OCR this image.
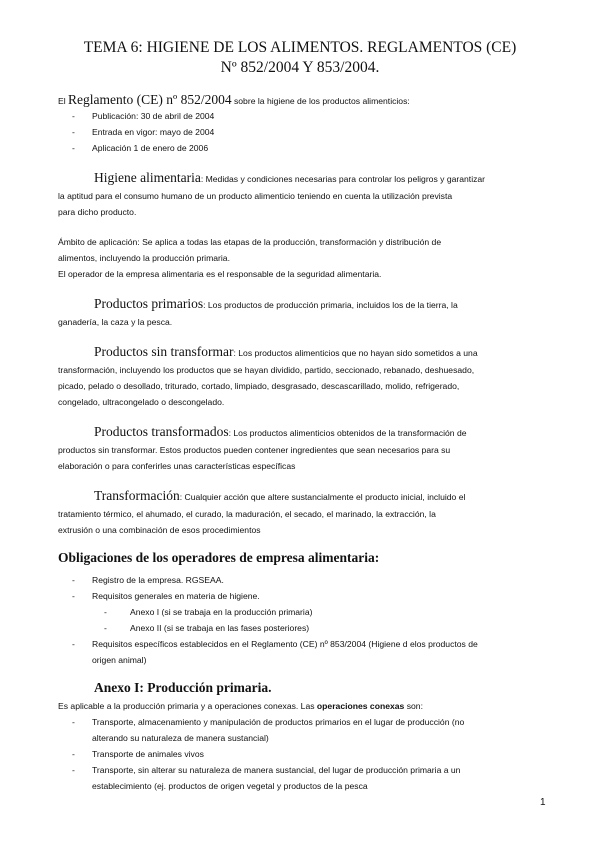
TEMA 6: HIGIENE DE LOS ALIMENTOS. REGLAMENTOS (CE)
Nº 852/2004 Y 853/2004.
El Reglamento (CE) nº 852/2004 sobre la higiene de los productos alimenticios:
- Publicación: 30 de abril de 2004
- Entrada en vigor: mayo de 2004
- Aplicación 1 de enero de 2006
Higiene alimentaria: Medidas y condiciones necesarias para controlar los peligros y garantizar
la aptitud para el consumo humano de un producto alimenticio teniendo en cuenta la utilización prevista
para dicho producto.
Ámbito de aplicación: Se aplica a todas las etapas de la producción, transformación y distribución de
alimentos, incluyendo la producción primaria.
El operador de la empresa alimentaria es el responsable de la seguridad alimentaria.
Productos primarios: Los productos de producción primaria, incluidos los de la tierra, la
ganadería, la caza y la pesca.
Productos sin transformar: Los productos alimenticios que no hayan sido sometidos a una
transformación, incluyendo los productos que se hayan dividido, partido, seccionado, rebanado, deshuesado,
picado, pelado o desollado, triturado, cortado, limpiado, desgrasado, descascarillado, molido, refrigerado,
congelado, ultracongelado o descongelado.
Productos transformados: Los productos alimenticios obtenidos de la transformación de
productos sin transformar. Estos productos pueden contener ingredientes que sean necesarios para su
elaboración o para conferirles unas características específicas
Transformación: Cualquier acción que altere sustancialmente el producto inicial, incluido el
tratamiento térmico, el ahumado, el curado, la maduración, el secado, el marinado, la extracción, la
extrusión o una combinación de esos procedimientos
Obligaciones de los operadores de empresa alimentaria:
- Registro de la empresa. RGSEAA.
- Requisitos generales en materia de higiene.
-	Anexo I (si se trabaja en la producción primaria)
-	Anexo II (si se trabaja en las fases posteriores)
- Requisitos específicos establecidos en el Reglamento (CE) nº 853/2004 (Higiene d elos productos de
origen animal)
Anexo I: Producción primaria.
Es aplicable a la producción primaria y a operaciones conexas. Las operaciones conexas son:
- Transporte, almacenamiento y manipulación de productos primarios en el lugar de producción (no
alterando su naturaleza de manera sustancial)
- Transporte de animales vivos
- Transporte, sin alterar su naturaleza de manera sustancial, del lugar de producción primaria a un
establecimiento (ej. productos de origen vegetal y productos de la pesca
1
